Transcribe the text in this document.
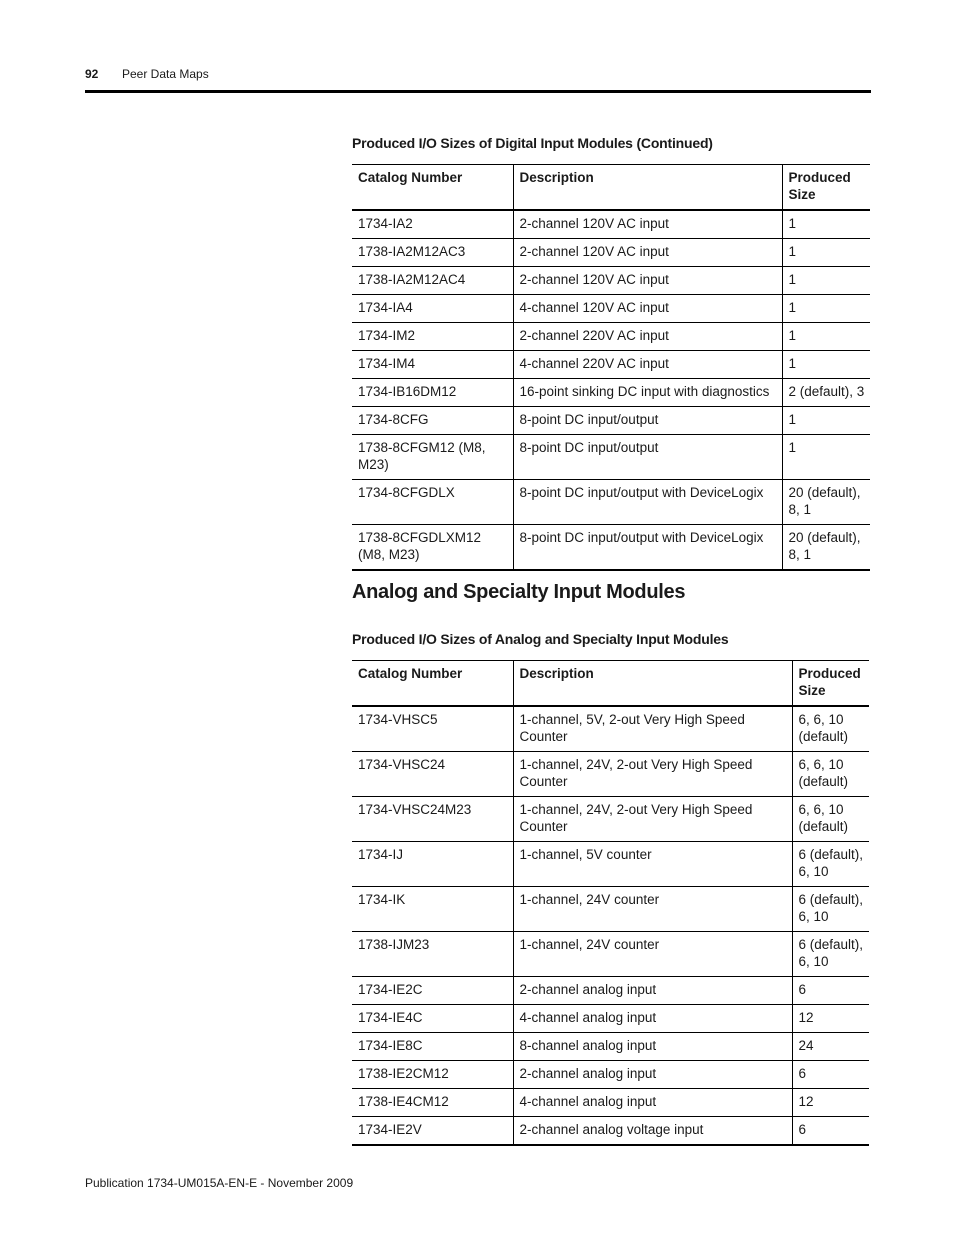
92 Peer Data Maps
Produced I/O Sizes of Digital Input Modules (Continued)
Catalog Number	Description	Produced Size
1734-IA2	2-channel 120V AC input	1
1738-IA2M12AC3	2-channel 120V AC input	1
1738-IA2M12AC4	2-channel 120V AC input	1
1734-IA4	4-channel 120V AC input	1
1734-IM2	2-channel 220V AC input	1
1734-IM4	4-channel 220V AC input	1
1734-IB16DM12	16-point sinking DC input with diagnostics	2 (default), 3
1734-8CFG	8-point DC input/output	1
1738-8CFGM12 (M8, M23)	8-point DC input/output	1
1734-8CFGDLX	8-point DC input/output with DeviceLogix	20 (default), 8, 1
1738-8CFGDLXM12 (M8, M23)	8-point DC input/output with DeviceLogix	20 (default), 8, 1
Analog and Specialty Input Modules
Produced I/O Sizes of Analog and Specialty Input Modules
Catalog Number	Description	Produced Size
1734-VHSC5	1-channel, 5V, 2-out Very High Speed Counter	6, 6, 10 (default)
1734-VHSC24	1-channel, 24V, 2-out Very High Speed Counter	6, 6, 10 (default)
1734-VHSC24M23	1-channel, 24V, 2-out Very High Speed Counter	6, 6, 10 (default)
1734-IJ	1-channel, 5V counter	6 (default), 6, 10
1734-IK	1-channel, 24V counter	6 (default), 6, 10
1738-IJM23	1-channel, 24V counter	6 (default), 6, 10
1734-IE2C	2-channel analog input	6
1734-IE4C	4-channel analog input	12
1734-IE8C	8-channel analog input	24
1738-IE2CM12	2-channel analog input	6
1738-IE4CM12	4-channel analog input	12
1734-IE2V	2-channel analog voltage input	6
Publication 1734-UM015A-EN-E - November 2009
